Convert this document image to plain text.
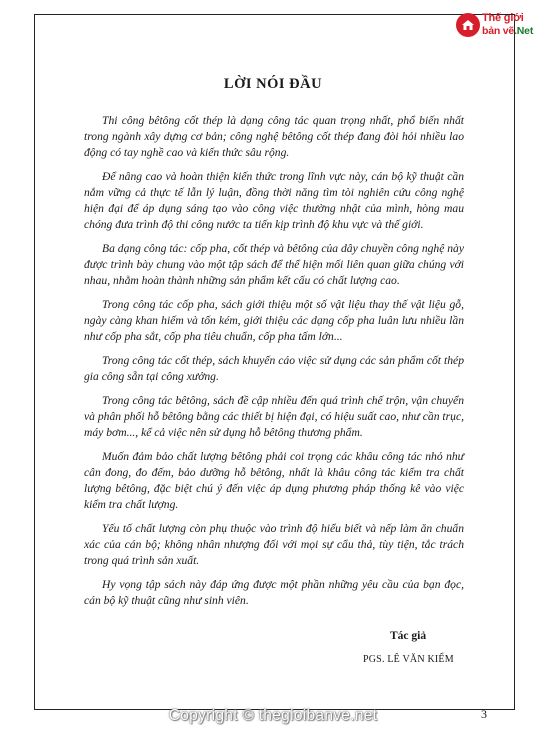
Thế giới
bản vẽ.Net
LỜI NÓI ĐẦU

Thi công bêtông cốt thép là dạng công tác quan trọng nhất, phổ biến nhất trong ngành xây dựng cơ bản; công nghệ bêtông cốt thép đang đòi hỏi nhiều lao động có tay nghề cao và kiến thức sâu rộng.

Để nâng cao và hoàn thiện kiến thức trong lĩnh vực này, cán bộ kỹ thuật cần nắm vững cả thực tế lẫn lý luận, đồng thời năng tìm tòi nghiên cứu công nghệ hiện đại để áp dụng sáng tạo vào công việc thường nhật của mình, hòng mau chóng đưa trình độ thi công nước ta tiến kịp trình độ khu vực và thế giới.

Ba dạng công tác: cốp pha, cốt thép và bêtông của dây chuyền công nghệ này được trình bày chung vào một tập sách để thể hiện mối liên quan giữa chúng với nhau, nhằm hoàn thành những sản phẩm kết cấu có chất lượng cao.

Trong công tác cốp pha, sách giới thiệu một số vật liệu thay thế vật liệu gỗ, ngày càng khan hiếm và tốn kém, giới thiệu các dạng cốp pha luân lưu nhiều lần như cốp pha sắt, cốp pha tiêu chuẩn, cốp pha tấm lớn...

Trong công tác cốt thép, sách khuyến cáo việc sử dụng các sản phẩm cốt thép gia công sẵn tại công xưởng.

Trong công tác bêtông, sách đề cập nhiều đến quá trình chế trộn, vận chuyển và phân phối hỗ bêtông bằng các thiết bị hiện đại, có hiệu suất cao, như cần trục, máy bơm..., kể cả việc nên sử dụng hỗ bêtông thương phẩm.

Muốn đảm bảo chất lượng bêtông phải coi trọng các khâu công tác nhỏ như cân đong, đo đếm, bảo dưỡng hỗ bêtông, nhất là khâu công tác kiểm tra chất lượng bêtông, đặc biệt chú ý đến việc áp dụng phương pháp thống kê vào việc kiểm tra chất lượng.

Yếu tố chất lượng còn phụ thuộc vào trình độ hiểu biết và nếp làm ăn chuẩn xác của cán bộ; không nhân nhượng đối với mọi sự cẩu thả, tùy tiện, tắc trách trong quá trình sản xuất.

Hy vọng tập sách này đáp ứng được một phần những yêu cầu của bạn đọc, cán bộ kỹ thuật cũng như sinh viên.

Tác giả
PGS. LÊ VĂN KIỂM
Copyright © thegioibanve.net	3
